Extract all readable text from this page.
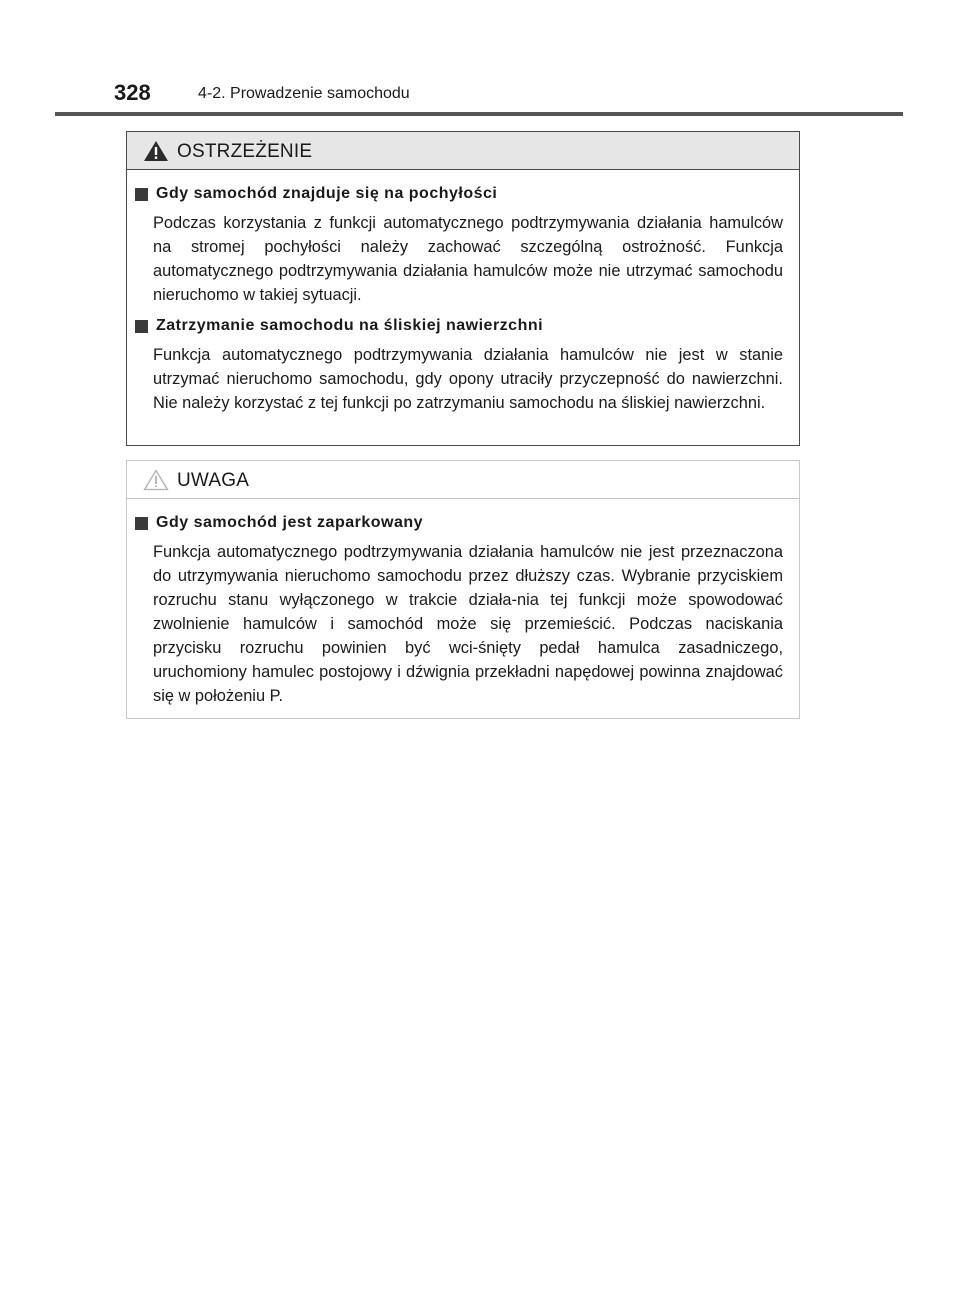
328	4-2. Prowadzenie samochodu
OSTRZEŻENIE
Gdy samochód znajduje się na pochyłości
Podczas korzystania z funkcji automatycznego podtrzymywania działania hamulców na stromej pochyłości należy zachować szczególną ostrożność. Funkcja automatycznego podtrzymywania działania hamulców może nie utrzymać samochodu nieruchomo w takiej sytuacji.
Zatrzymanie samochodu na śliskiej nawierzchni
Funkcja automatycznego podtrzymywania działania hamulców nie jest w stanie utrzymać nieruchomo samochodu, gdy opony utraciły przyczepność do nawierzchni. Nie należy korzystać z tej funkcji po zatrzymaniu samochodu na śliskiej nawierzchni.
UWAGA
Gdy samochód jest zaparkowany
Funkcja automatycznego podtrzymywania działania hamulców nie jest przeznaczona do utrzymywania nieruchomo samochodu przez dłuższy czas. Wybranie przyciskiem rozruchu stanu wyłączonego w trakcie działa-nia tej funkcji może spowodować zwolnienie hamulców i samochód może się przemieścić. Podczas naciskania przycisku rozruchu powinien być wci-śnięty pedał hamulca zasadniczego, uruchomiony hamulec postojowy i dźwignia przekładni napędowej powinna znajdować się w położeniu P.
